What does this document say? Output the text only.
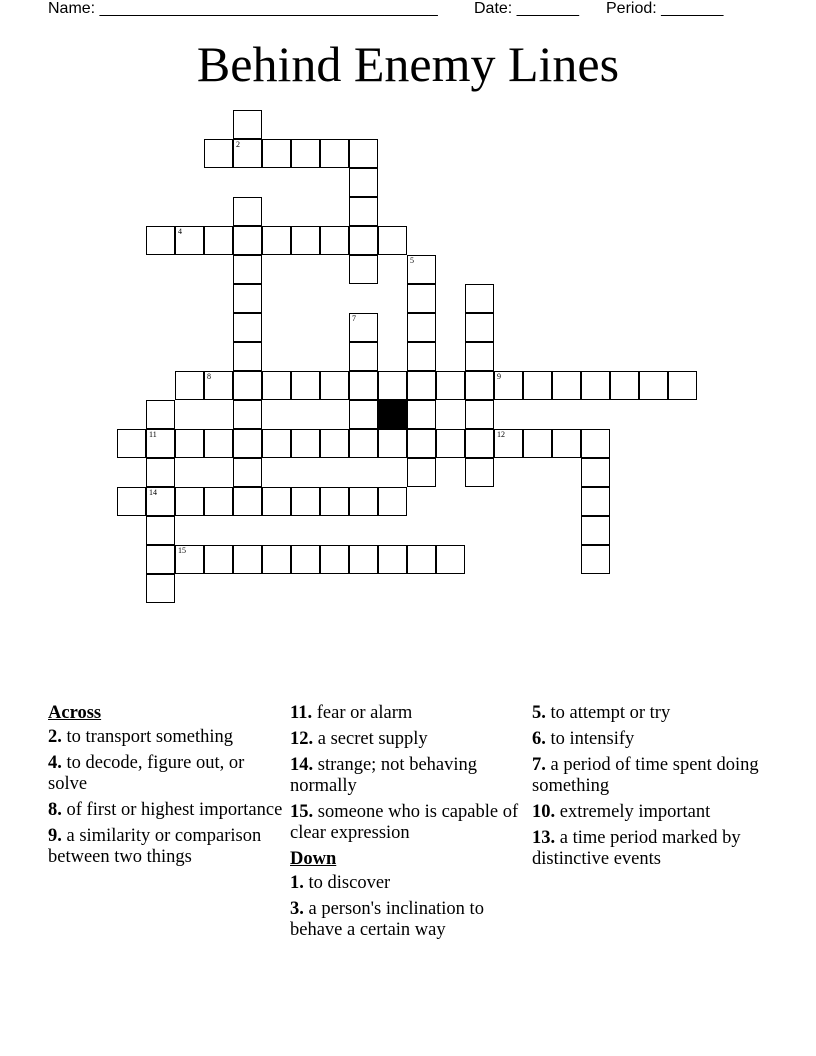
Name: ______________________________________ Date: _______ Period: _______
Behind Enemy Lines
2
4
5
7
8	9
11	12
14
15
Across
2. to transport something
4. to decode, figure out, or solve
8. of first or highest importance
9. a similarity or comparison between two things
11. fear or alarm
12. a secret supply
14. strange; not behaving normally
15. someone who is capable of clear expression
Down
1. to discover
3. a person's inclination to behave a certain way
5. to attempt or try
6. to intensify
7. a period of time spent doing something
10. extremely important
13. a time period marked by distinctive events
